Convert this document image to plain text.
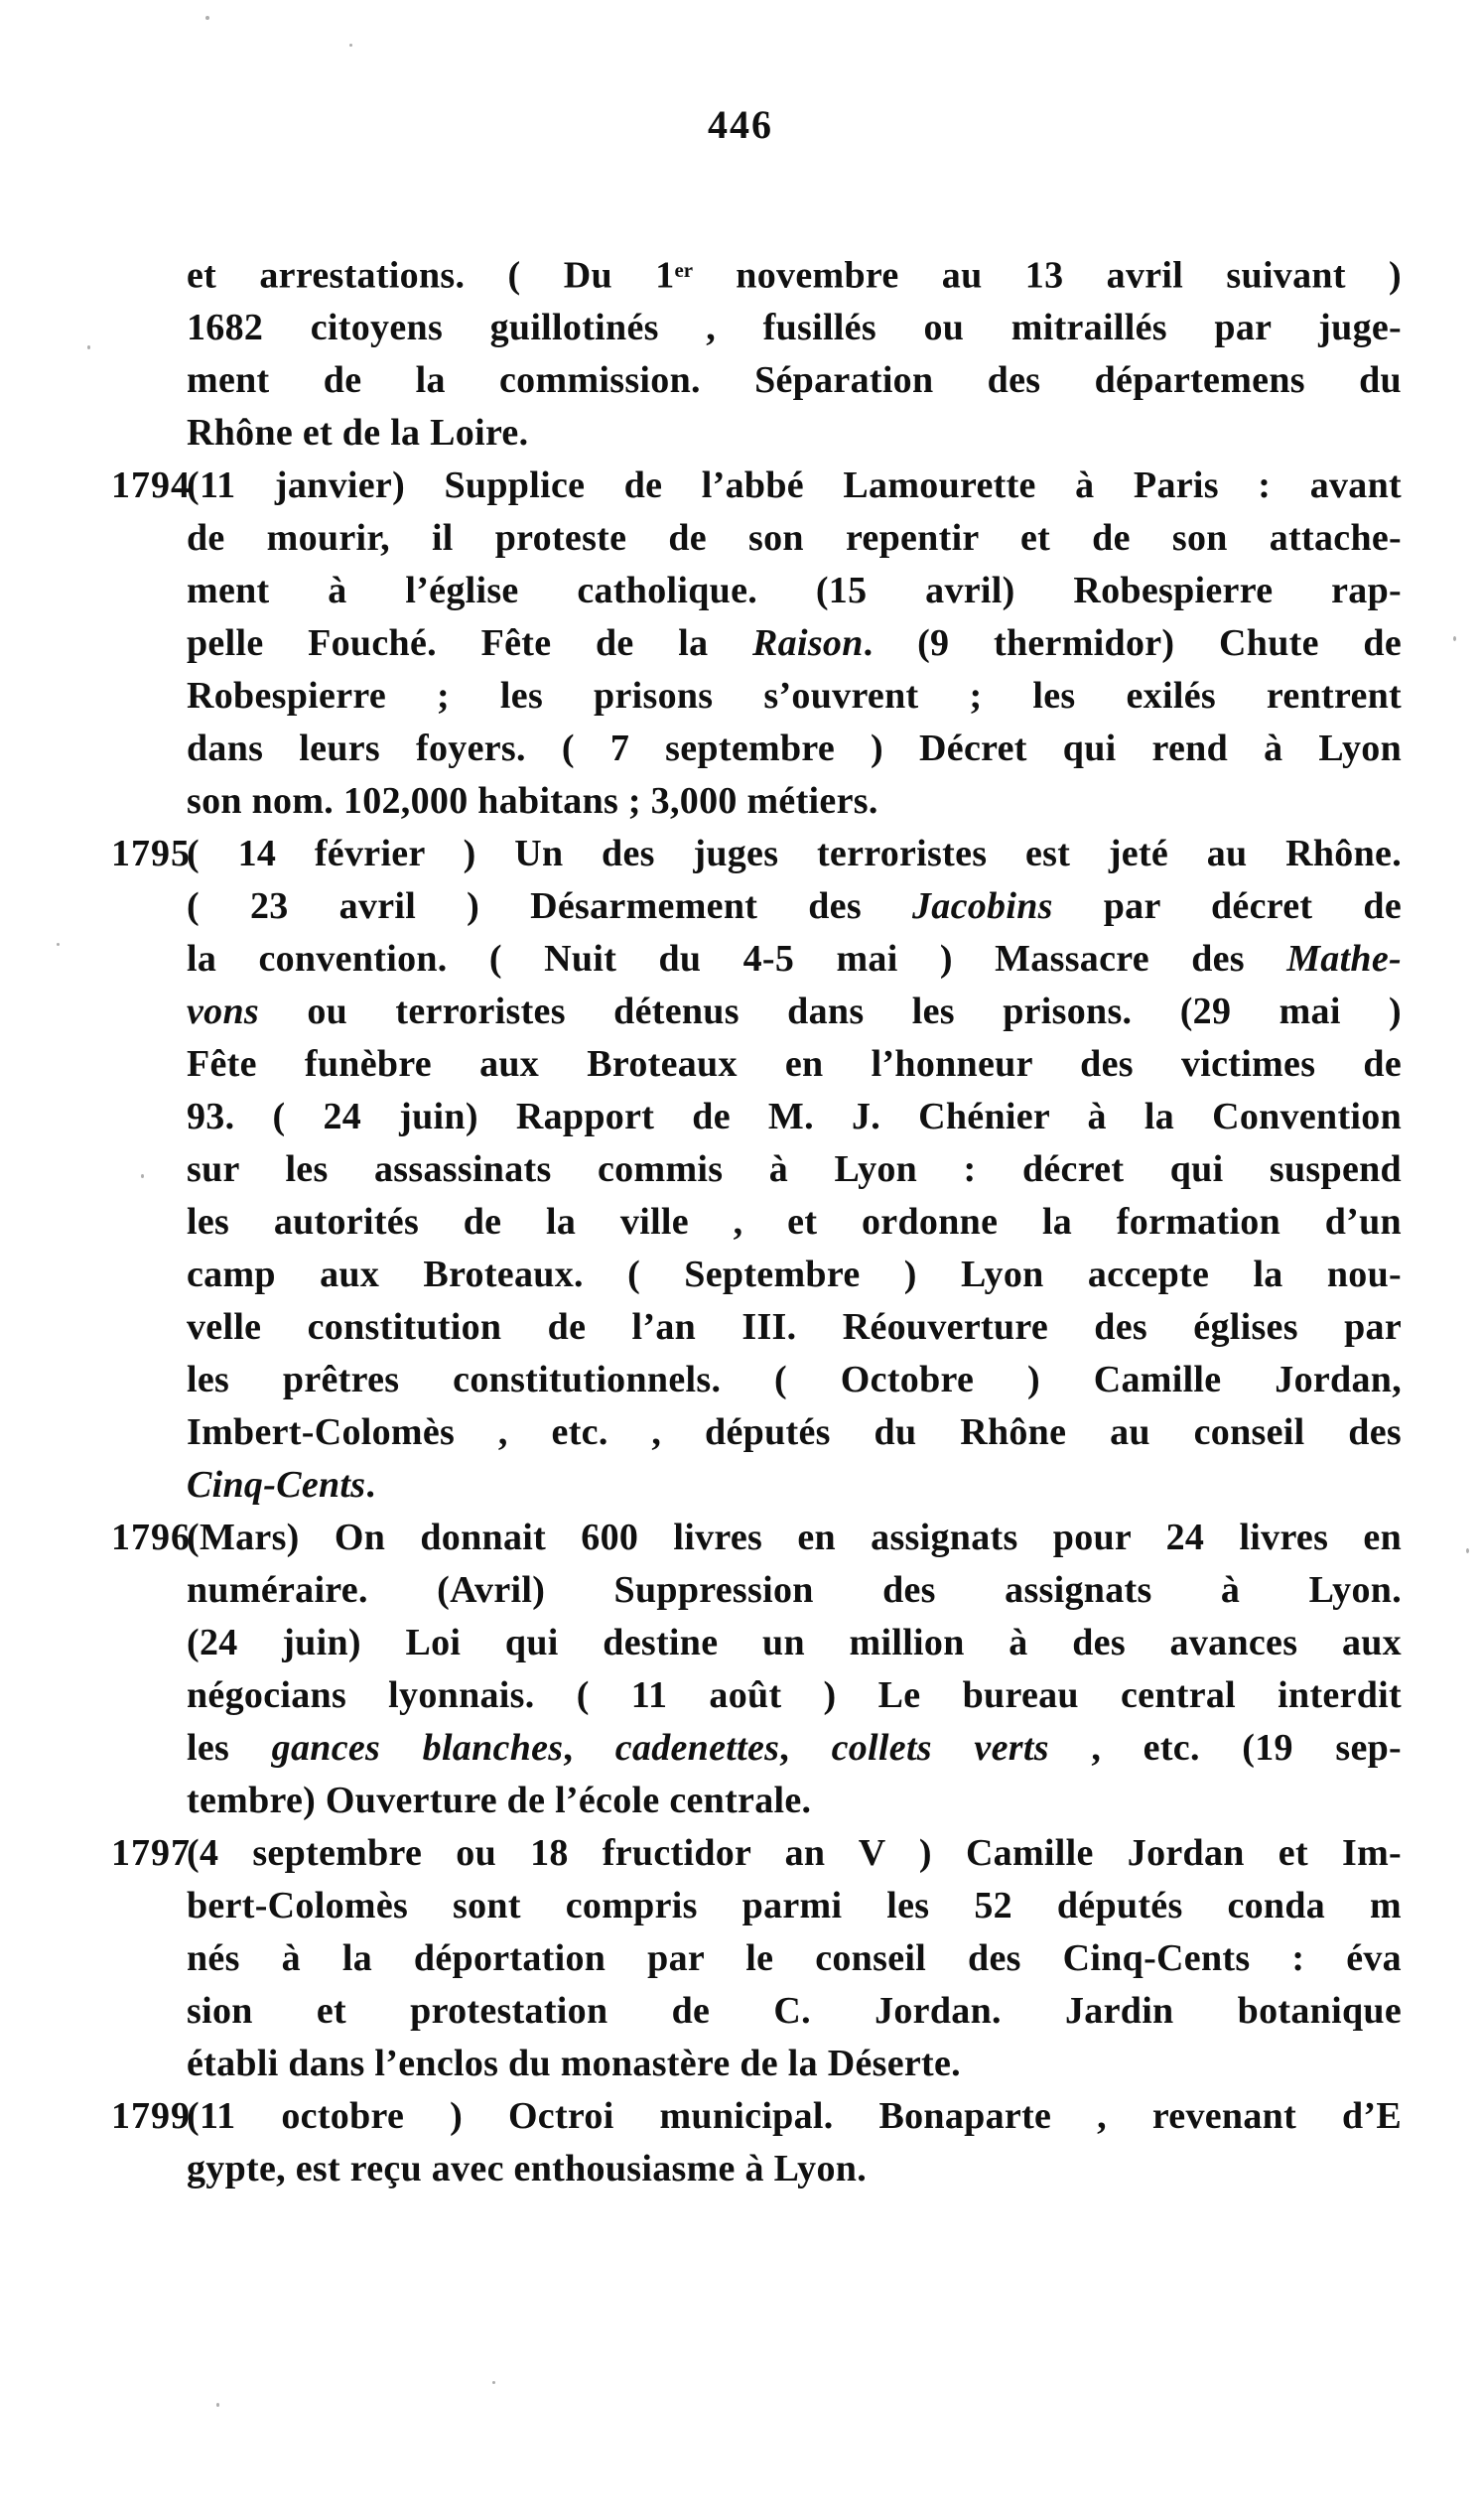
446
et arrestations. ( Du 1er novembre au 13 avril suivant )
1682 citoyens guillotinés , fusillés ou mitraillés par juge-
ment de la commission. Séparation des départemens du
Rhône et de la Loire.
1794
(11 janvier) Supplice de l’abbé Lamourette à Paris : avant
de mourir, il proteste de son repentir et de son attache-
ment à l’église catholique. (15 avril) Robespierre rap-
pelle Fouché. Fête de la Raison. (9 thermidor) Chute de
Robespierre ; les prisons s’ouvrent ; les exilés rentrent
dans leurs foyers. ( 7 septembre ) Décret qui rend à Lyon
son nom. 102,000 habitans ; 3,000 métiers.
1795
( 14 février ) Un des juges terroristes est jeté au Rhône.
( 23 avril ) Désarmement des Jacobins par décret de
la convention. ( Nuit du 4-5 mai ) Massacre des Mathe-
vons ou terroristes détenus dans les prisons. (29 mai )
Fête funèbre aux Broteaux en l’honneur des victimes de
93. ( 24 juin) Rapport de M. J. Chénier à la Convention
sur les assassinats commis à Lyon : décret qui suspend
les autorités de la ville , et ordonne la formation d’un
camp aux Broteaux. ( Septembre ) Lyon accepte la nou-
velle constitution de l’an III. Réouverture des églises par
les prêtres constitutionnels. ( Octobre ) Camille Jordan,
Imbert-Colomès , etc. , députés du Rhône au conseil des
Cinq-Cents.
1796
(Mars) On donnait 600 livres en assignats pour 24 livres en
numéraire. (Avril) Suppression des assignats à Lyon.
(24 juin) Loi qui destine un million à des avances aux
négocians lyonnais. ( 11 août ) Le bureau central interdit
les gances blanches, cadenettes, collets verts , etc. (19 sep-
tembre) Ouverture de l’école centrale.
1797
(4 septembre ou 18 fructidor an V ) Camille Jordan et Im-
bert-Colomès sont compris parmi les 52 députés conda m
nés à la déportation par le conseil des Cinq-Cents : éva
sion et protestation de C. Jordan. Jardin botanique
établi dans l’enclos du monastère de la Déserte.
1799
(11 octobre ) Octroi municipal. Bonaparte , revenant d’E
gypte, est reçu avec enthousiasme à Lyon.
